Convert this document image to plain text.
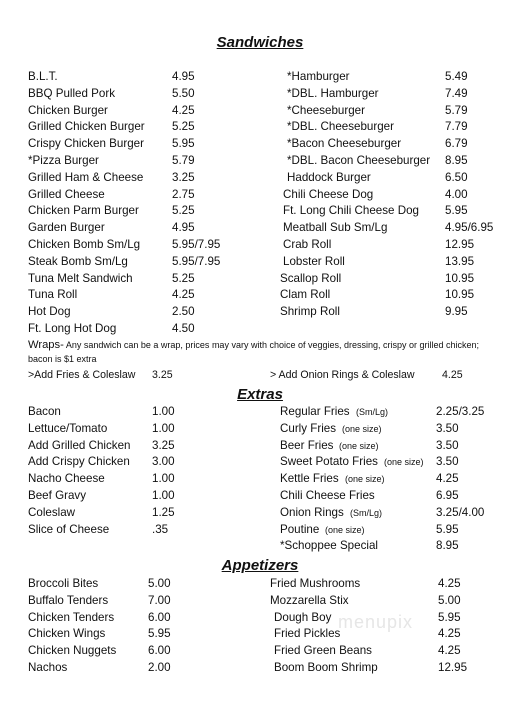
Sandwiches
B.L.T.	4.95
BBQ Pulled Pork	5.50
Chicken Burger	4.25
Grilled Chicken Burger 5.25
Crispy Chicken Burger 5.95
*Pizza Burger	5.79
Grilled Ham & Cheese 3.25
Grilled Cheese	2.75
Chicken Parm Burger	5.25
Garden Burger	4.95
Chicken Bomb Sm/Lg	5.95/7.95
Steak Bomb Sm/Lg	5.95/7.95
Tuna Melt Sandwich	5.25
Tuna Roll	4.25
Hot Dog	2.50
Ft. Long Hot Dog	4.50
*Hamburger	5.49
*DBL. Hamburger	7.49
*Cheeseburger	5.79
*DBL. Cheeseburger	7.79
*Bacon Cheeseburger	6.79
*DBL. Bacon Cheeseburger 8.95
Haddock Burger	6.50
Chili Cheese Dog	4.00
Ft. Long Chili Cheese Dog 5.95
Meatball Sub Sm/Lg	4.95/6.95
Crab Roll	12.95
Lobster Roll	13.95
Scallop Roll	10.95
Clam Roll	10.95
Shrimp Roll	9.95
Wraps- Any sandwich can be a wrap, prices may vary with choice of veggies, dressing, crispy or grilled chicken; bacon is $1 extra
>Add Fries & Coleslaw 3.25	> Add Onion Rings & Coleslaw	4.25
Extras
Bacon	1.00
Lettuce/Tomato	1.00
Add Grilled Chicken 3.25
Add Crispy Chicken 3.00
Nacho Cheese	1.00
Beef Gravy	1.00
Coleslaw	1.25
Slice of Cheese	.35
Regular Fries (Sm/Lg)	2.25/3.25
Curly Fries (one size)	3.50
Beer Fries (one size)	3.50
Sweet Potato Fries (one size) 3.50
Kettle Fries (one size)	4.25
Chili Cheese Fries	6.95
Onion Rings (Sm/Lg)	3.25/4.00
Poutine (one size)	5.95
*Schoppee Special	8.95
Appetizers
Broccoli Bites	5.00
Buffalo Tenders	7.00
Chicken Tenders	6.00
Chicken Wings	5.95
Chicken Nuggets	6.00
Nachos	2.00
Fried Mushrooms	4.25
Mozzarella Stix	5.00
Dough Boy	5.95
Fried Pickles	4.25
Fried Green Beans	4.25
Boom Boom Shrimp	12.95
menupix
